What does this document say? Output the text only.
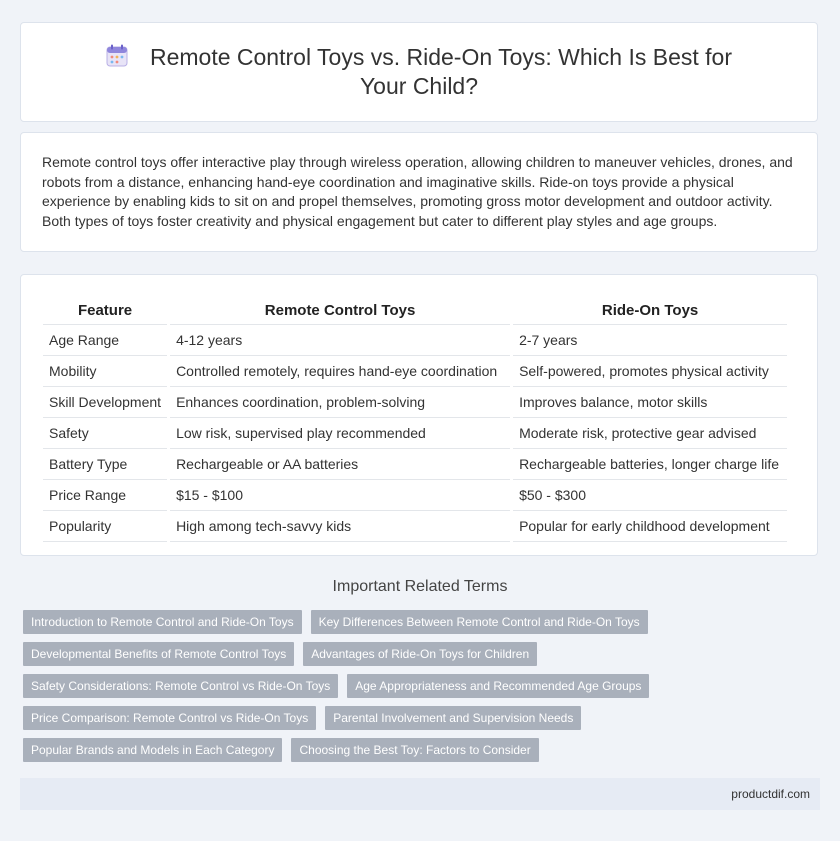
Remote Control Toys vs. Ride-On Toys: Which Is Best for Your Child?

Remote control toys offer interactive play through wireless operation, allowing children to maneuver vehicles, drones, and robots from a distance, enhancing hand-eye coordination and imaginative skills. Ride-on toys provide a physical experience by enabling kids to sit on and propel themselves, promoting gross motor development and outdoor activity. Both types of toys foster creativity and physical engagement but cater to different play styles and age groups.

Feature		Remote Control Toys		Ride-On Toys
Age Range		4-12 years		2-7 years
Mobility		Controlled remotely, requires hand-eye coordination		Self-powered, promotes physical activity
Skill Development		Enhances coordination, problem-solving		Improves balance, motor skills
Safety		Low risk, supervised play recommended		Moderate risk, protective gear advised
Battery Type		Rechargeable or AA batteries		Rechargeable batteries, longer charge life
Price Range		$15 - $100		$50 - $300
Popularity		High among tech-savvy kids		Popular for early childhood development
Important Related Terms
Introduction to Remote Control and Ride-On Toys	Key Differences Between Remote Control and Ride-On Toys
Developmental Benefits of Remote Control Toys	Advantages of Ride-On Toys for Children
Safety Considerations: Remote Control vs Ride-On Toys	Age Appropriateness and Recommended Age Groups
Price Comparison: Remote Control vs Ride-On Toys	Parental Involvement and Supervision Needs
Popular Brands and Models in Each Category	Choosing the Best Toy: Factors to Consider
productdif.com
